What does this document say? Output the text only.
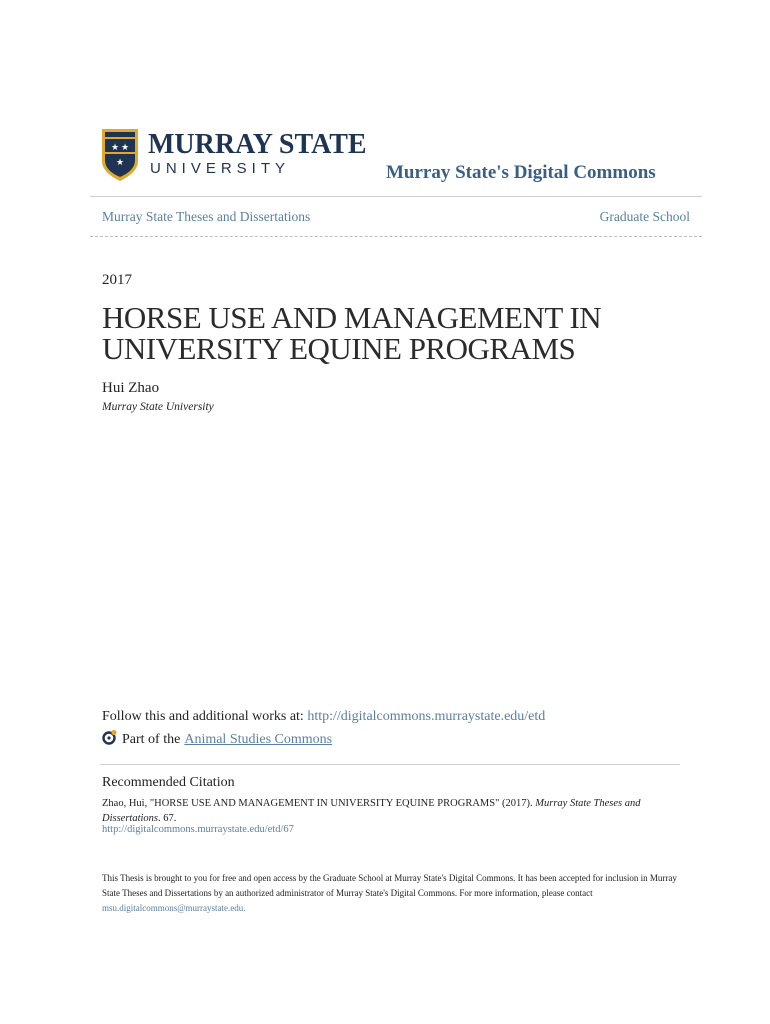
★ ★
★
MURRAY STATE
UNIVERSITY	Murray State's Digital Commons
Murray State Theses and Dissertations	Graduate School
2017
HORSE USE AND MANAGEMENT IN UNIVERSITY EQUINE PROGRAMS
Hui Zhao
Murray State University
Follow this and additional works at: http://digitalcommons.murraystate.edu/etd
Part of the Animal Studies Commons
Recommended Citation
Zhao, Hui, "HORSE USE AND MANAGEMENT IN UNIVERSITY EQUINE PROGRAMS" (2017). Murray State Theses and Dissertations. 67.
http://digitalcommons.murraystate.edu/etd/67
This Thesis is brought to you for free and open access by the Graduate School at Murray State's Digital Commons. It has been accepted for inclusion in Murray State Theses and Dissertations by an authorized administrator of Murray State's Digital Commons. For more information, please contact
msu.digitalcommons@murraystate.edu.
